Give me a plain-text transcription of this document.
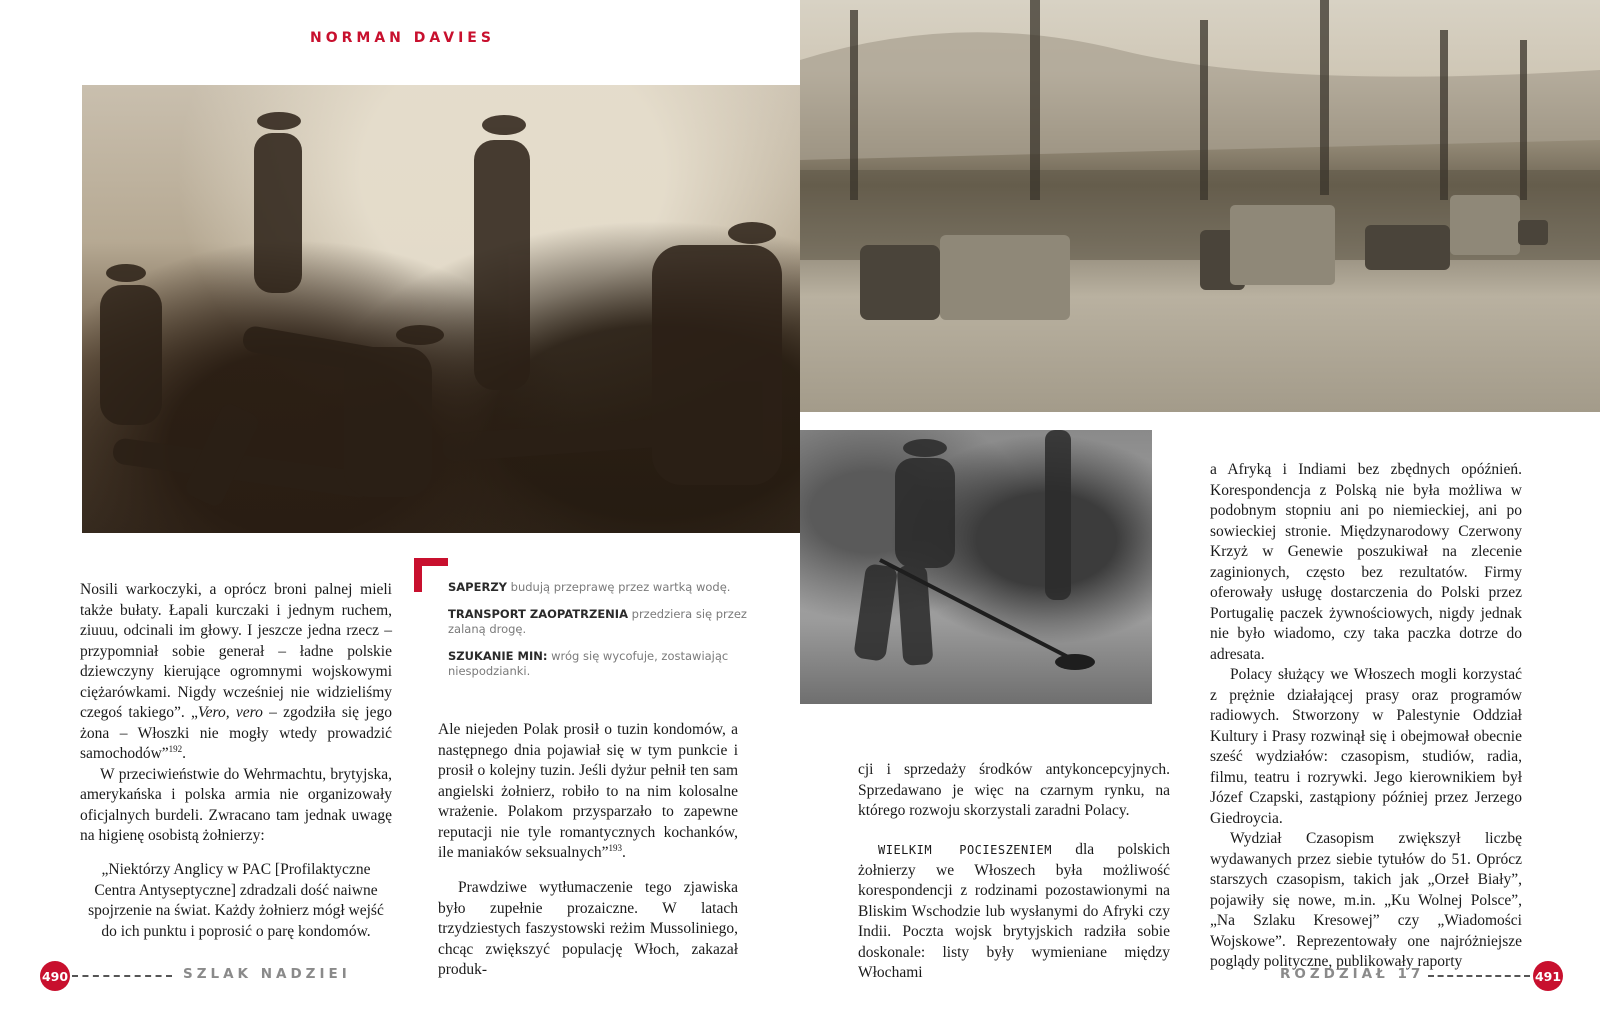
NORMAN DAVIES

Nosili warkoczyki, a oprócz broni palnej mieli także bułaty. Łapali kurczaki i jednym ruchem, ziuuu, odcinali im głowy. I jeszcze jedna rzecz – przypomniał sobie generał – ładne polskie dziewczyny kierujące ogromnymi wojskowymi ciężarówkami. Nigdy wcześniej nie widzieliśmy czegoś takiego”. „Vero, vero – zgodziła się jego żona – Włoszki nie mogły wtedy prowadzić samochodów”$^{192}$.

W przeciwieństwie do Wehrmachtu, brytyjska, amerykańska i polska armia nie organizowały oficjalnych burdeli. Zwracano tam jednak uwagę na higienę osobistą żołnierzy:

„Niektórzy Anglicy w PAC [Profilaktyczne Centra Antyseptyczne] zdradzali dość naiwne spojrzenie na świat. Każdy żołnierz mógł wejść do ich punktu i poprosić o parę kondomów.

SAPERZY budują przeprawę przez wartką wodę.

TRANSPORT ZAOPATRZENIA przedziera się przez zalaną drogę.

SZUKANIE MIN: wróg się wycofuje, zostawiając niespodzianki.

Ale niejeden Polak prosił o tuzin kondomów, a następnego dnia pojawiał się w tym punkcie i prosił o kolejny tuzin. Jeśli dyżur pełnił ten sam angielski żołnierz, robiło to na nim kolosalne wrażenie. Polakom przysparzało to zapewne reputacji nie tyle romantycznych kochanków, ile maniaków seksualnych”$^{193}$.

Prawdziwe wytłumaczenie tego zjawiska było zupełnie prozaiczne. W latach trzydziestych faszystowski reżim Mussoliniego, chcąc zwiększyć populację Włoch, zakazał produk-

cji i sprzedaży środków antykoncepcyjnych. Sprzedawano je więc na czarnym rynku, na którego rozwoju skorzystali zaradni Polacy.

WIELKIM POCIESZENIEM dla polskich żołnierzy we Włoszech była możliwość korespondencji z rodzinami pozostawionymi na Bliskim Wschodzie lub wysłanymi do Afryki czy Indii. Poczta wojsk brytyjskich radziła sobie doskonale: listy były wymieniane między Włochami

a Afryką i Indiami bez zbędnych opóźnień. Korespondencja z Polską nie była możliwa w podobnym stopniu ani po niemieckiej, ani po sowieckiej stronie. Międzynarodowy Czerwony Krzyż w Genewie poszukiwał na zlecenie zaginionych, często bez rezultatów. Firmy oferowały usługę dostarczenia do Polski przez Portugalię paczek żywnościowych, nigdy jednak nie było wiadomo, czy taka paczka dotrze do adresata.

Polacy służący we Włoszech mogli korzystać z prężnie działającej prasy oraz programów radiowych. Stworzony w Palestynie Oddział Kultury i Prasy rozwinął się i obejmował obecnie sześć wydziałów: czasopism, studiów, radia, filmu, teatru i rozrywki. Jego kierownikiem był Józef Czapski, zastąpiony później przez Jerzego Giedroycia.

Wydział Czasopism zwiększył liczbę wydawanych przez siebie tytułów do 51. Oprócz starszych czasopism, takich jak „Orzeł Biały”, pojawiły się nowe, m.in. „Ku Wolnej Polsce”, „Na Szlaku Kresowej” czy „Wiadomości Wojskowe”. Reprezentowały one najróżniejsze poglądy polityczne, publikowały raporty

490	SZLAK NADZIEI	ROZDZIAŁ 17	491
